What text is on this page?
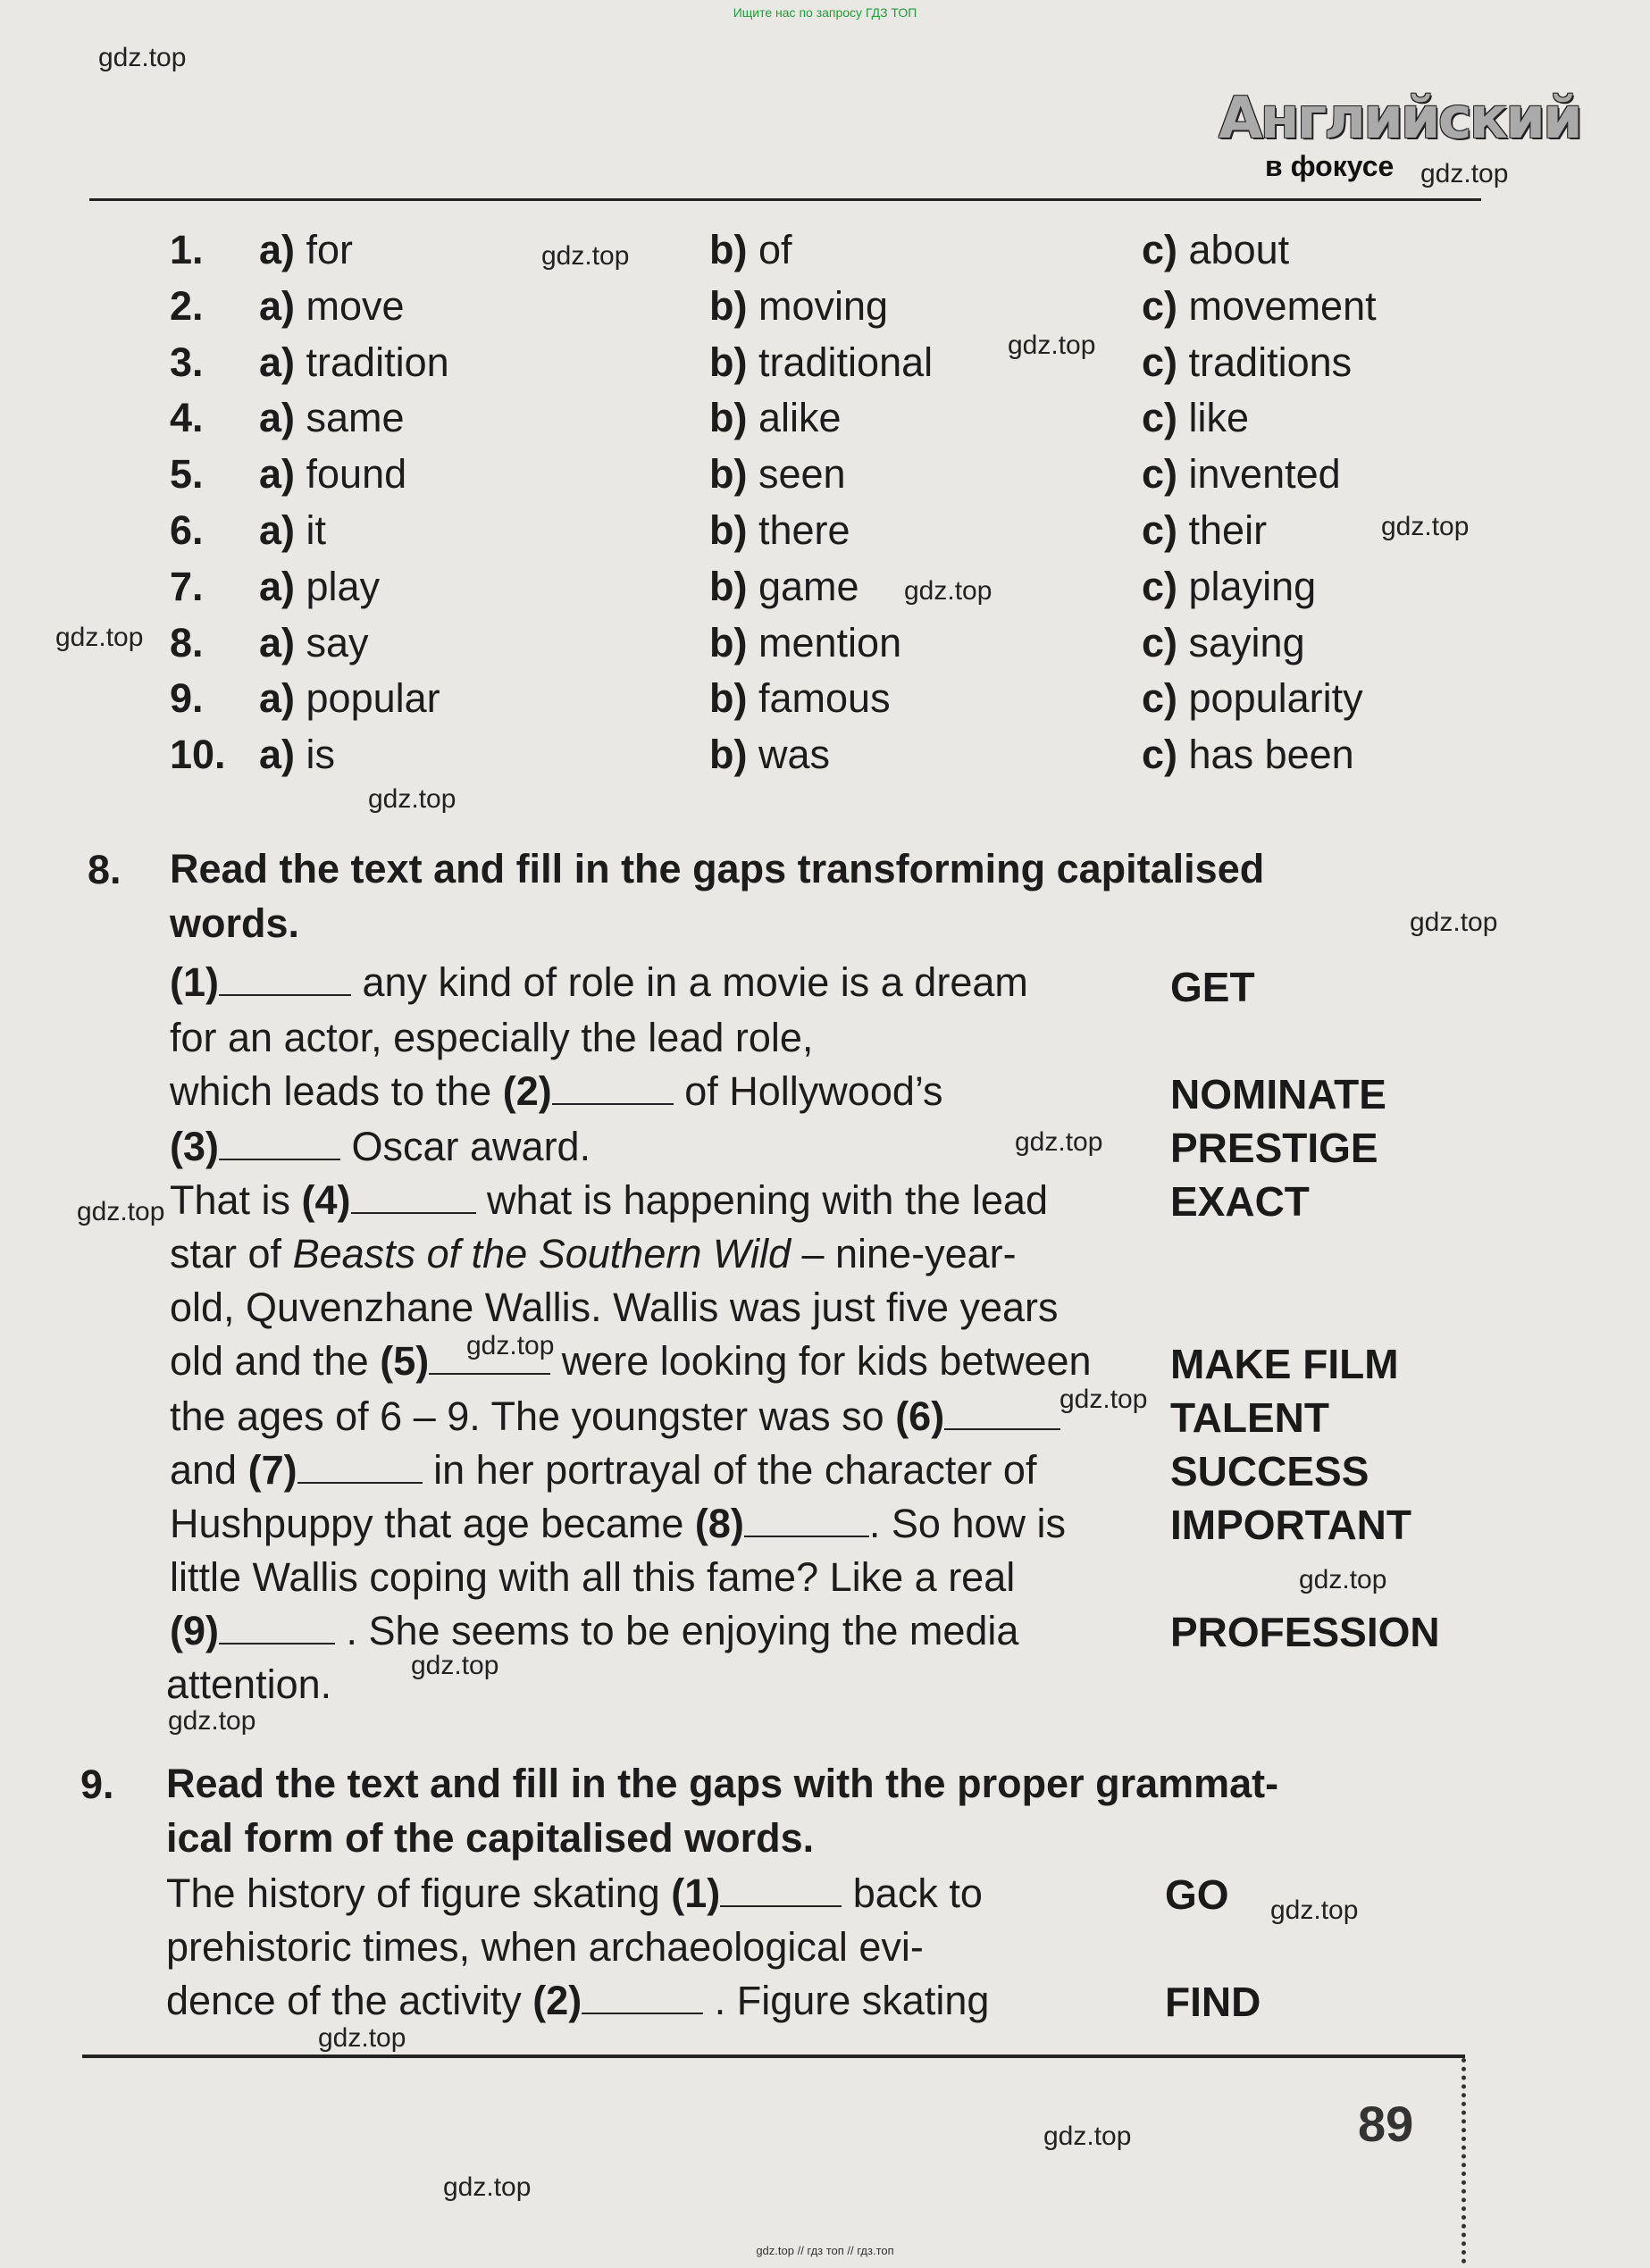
Ищите нас по запросу ГДЗ ТОП
Английский
в фокусе
gdz.top
gdz.top
gdz.top
gdz.top
gdz.top
gdz.top
gdz.top
gdz.top
gdz.top
gdz.top
gdz.top
gdz.top
gdz.top
gdz.top
gdz.top
gdz.top
gdz.top
gdz.top
gdz.top
gdz.top
1.	a) for	b) of	c) about
2.	a) move	b) moving	c) movement
3.	a) tradition	b) traditional	c) traditions
4.	a) same	b) alike	c) like
5.	a) found	b) seen	c) invented
6.	a) it	b) there	c) their
7.	a) play	b) game	c) playing
8.	a) say	b) mention	c) saying
9.	a) popular	b) famous	c) popularity
10. a) is	b) was	c) has been
8. Read the text and fill in the gaps transforming capitalised
words.
(1)	any kind of role in a movie is a dream
for an actor, especially the lead role,
which leads to the (2)	of Hollywood’s
(3)	Oscar award.
That is (4)	what is happening with the lead
star of Beasts of the Southern Wild – nine-year-
old, Quvenzhane Wallis. Wallis was just five years
old and the (5)	were looking for kids between
the ages of 6 – 9. The youngster was so (6)
and (7)	in her portrayal of the character of
Hushpuppy that age became (8)	. So how is
little Wallis coping with all this fame? Like a real
(9)	. She seems to be enjoying the media
attention.
GET
NOMINATE
PRESTIGE
EXACT
MAKE FILM
TALENT
SUCCESS
IMPORTANT
PROFESSION
9. Read the text and fill in the gaps with the proper grammat-
ical form of the capitalised words.
The history of figure skating (1)	back to
prehistoric times, when archaeological evi-
dence of the activity (2)	. Figure skating
GO
FIND
89
gdz.top // гдз топ // гдз.топ
